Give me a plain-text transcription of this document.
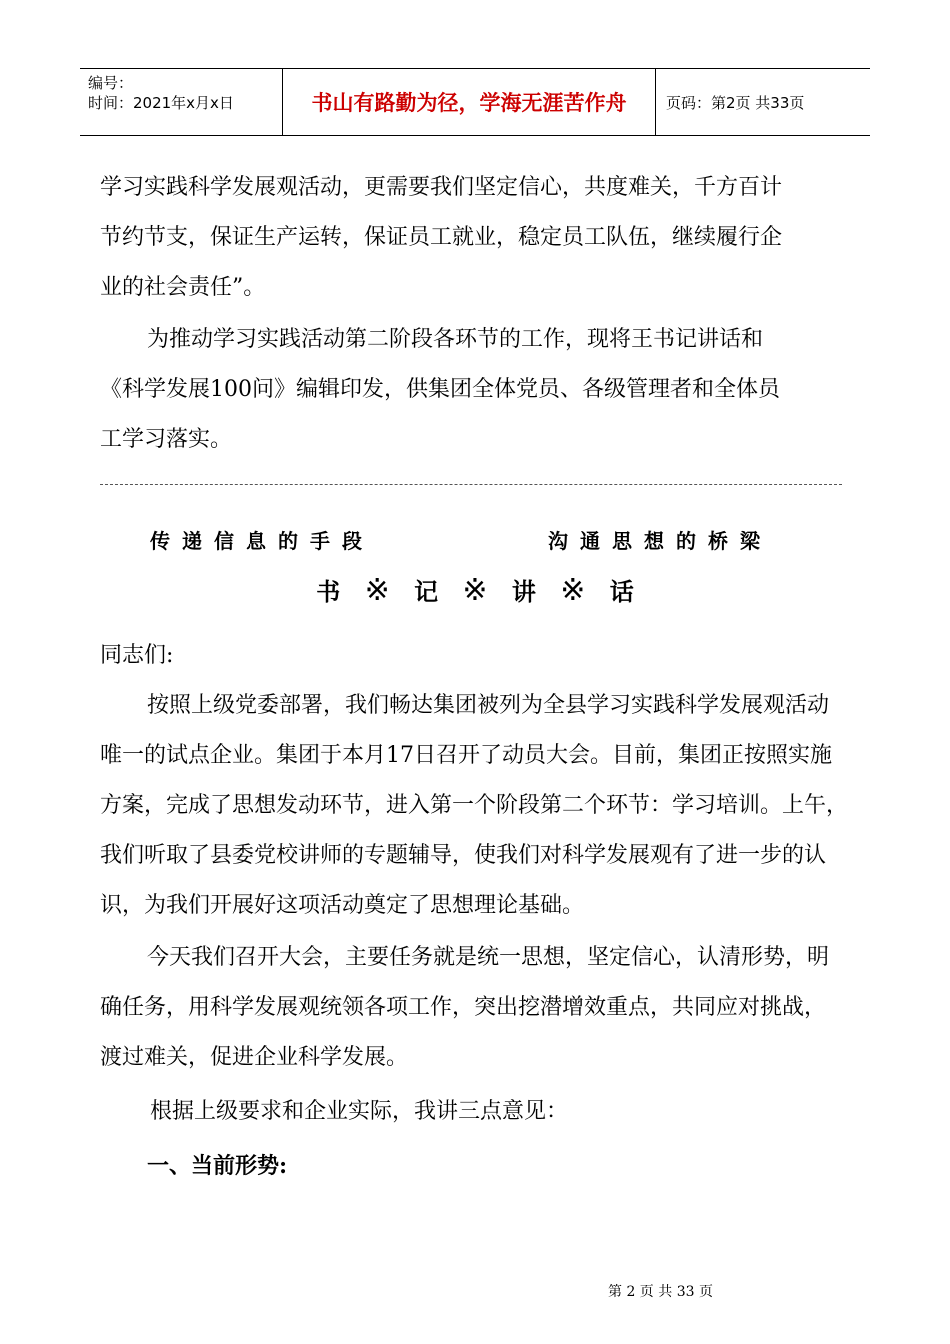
编号：
时间：2021年x月x日	书山有路勤为径，学海无涯苦作舟	页码：第2页 共33页

学习实践科学发展观活动，更需要我们坚定信心，共度难关，千方百计

节约节支，保证生产运转，保证员工就业，稳定员工队伍，继续履行企

业的社会责任”。

为推动学习实践活动第二阶段各环节的工作，现将王书记讲话和

《科学发展100问》编辑印发，供集团全体党员、各级管理者和全体员

工学习落实。

传递信息的手段	沟通思想的桥梁
书 ※ 记 ※ 讲 ※ 话

同志们:

按照上级党委部署，我们畅达集团被列为全县学习实践科学发展观活动

唯一的试点企业。集团于本月17日召开了动员大会。目前，集团正按照实施

方案，完成了思想发动环节，进入第一个阶段第二个环节：学习培训。上午，

我们听取了县委党校讲师的专题辅导，使我们对科学发展观有了进一步的认

识，为我们开展好这项活动奠定了思想理论基础。

今天我们召开大会，主要任务就是统一思想，坚定信心，认清形势，明

确任务，用科学发展观统领各项工作，突出挖潜增效重点，共同应对挑战，

渡过难关，促进企业科学发展。

根据上级要求和企业实际，我讲三点意见：

一、当前形势:

第 2 页 共 33 页
